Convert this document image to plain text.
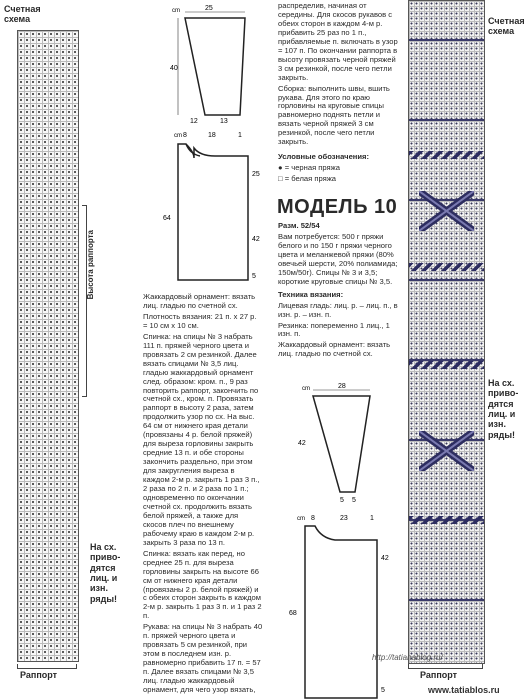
Счетная
схема
Высота раппорта
На сх.
приво-
дятся
лиц. и
изн.
ряды!
Раппорт
cm	25
40
12	13
cm 8	18	1
25
42
64
5

Жаккардовый орнамент: вязать лиц. гладью по счетной сх.

Плотность вязания: 21 п. х 27 р. = 10 см х 10 см.

Спинка: на спицы № 3 набрать 111 п. пряжей черного цвета и провязать 2 см резинкой. Далее вязать спицами № 3,5 лиц. гладью жаккардовый орнамент след. образом: кром. п., 9 раз повторить раппорт, закончить по счетной сх., кром. п. Провязать раппорт в высоту 2 раза, затем продолжить узор по сх. На выс. 64 см от нижнего края детали (провязаны 4 р. белой пряжей) для выреза горловины закрыть средние 13 п. и обе стороны закончить раздельно, при этом для закругления выреза в каждом 2-м р. закрыть 1 раз 3 п., 2 раза по 2 п. и 2 раза по 1 п.; одновременно по окончании счетной сх. продолжить вязать белой пряжей, а также для скосов плеч по внешнему рабочему краю в каждом 2-м р. закрыть 3 раза по 13 п.

Спинка: вязать как перед, но среднее 25 п. для выреза горловины закрыть на высоте 66 см от нижнего края детали (провязаны 2 р. белой пряжей) и с обеих сторон закрыть в каждом 2-м р. закрыть 1 раз 3 п. и 1 раз 2 п.

Рукава: на спицы № 3 набрать 40 п. пряжей черного цвета и провязать 5 см резинкой, при этом в последнем изн. р. равномерно прибавить 17 п. = 57 п. Далее вязать спицами № 3,5 лиц. гладью жаккардовый орнамент, для чего узор вязать,

распределив, начиная от середины. Для скосов рукавов с обеих сторон в каждом 4-м р. прибавить 25 раз по 1 п., прибавляемые п. включать в узор = 107 п. По окончании раппорта в высоту провязать черной пряжей 3 см резинкой, после чего петли закрыть.

Сборка: выполнить швы, вшить рукава. Для этого по краю горловины на круговые спицы равномерно поднять петли и вязать черной пряжей 3 см резинкой, после чего петли закрыть.

Условные обозначения:

● = черная пряжа

□ = белая пряжа

МОДЕЛЬ 10

Разм. 52/54

Вам потребуется: 500 г пряжи белого и по 150 г пряжи черного цвета и меланжевой пряжи (80% овечьей шерсти, 20% полиамида; 150м/50г). Спицы № 3 и 3,5; короткие круговые спицы № 3,5.

Техника вязания:

Лицевая гладь: лиц. р. – лиц. п., в изн. р. – изн. п.

Резинка: попеременно 1 лиц., 1 изн. п.

Жаккардовый орнамент: вязать лиц. гладью по счетной сх.

cm	28
42
5 5
cm 8	23	1
42
68
5
Счетная
схема
На сх.
приво-
дятся
лиц. и
изн.
ряды!
Раппорт
http://tatianablog.ru/
www.tatiablos.ru
